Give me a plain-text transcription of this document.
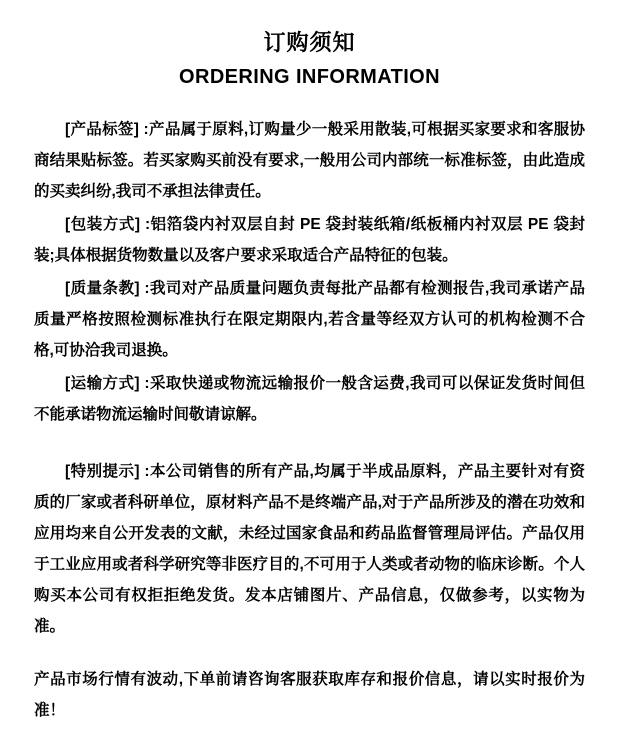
订购须知
ORDERING INFORMATION

[产品标签] :产品属于原料,订购量少一般采用散装,可根据买家要求和客服协商结果贴标签。若买家购买前没有要求,一般用公司内部统一标准标签，由此造成的买卖纠纷,我司不承担法律责任。

[包装方式] :铝箔袋内衬双层自封 PE 袋封装纸箱/纸板桶内衬双层 PE 袋封装;具体根据货物数量以及客户要求采取适合产品特征的包装。

[质量条教] :我司对产品质量问题负责每批产品都有检测报告,我司承诺产品质量严格按照检测标准执行在限定期限内,若含量等经双方认可的机构检测不合格,可协洽我司退换。

[运输方式] :采取快递或物流远输报价一般含运费,我司可以保证发货时间但不能承诺物流运输时间敬请谅解。

[特别提示] :本公司销售的所有产品,均属于半成品原料，产品主要针对有资质的厂家或者科研单位，原材料产品不是终端产品,对于产品所涉及的潜在功效和应用均来自公开发表的文献，未经过国家食品和药品监督管理局评估。产品仅用于工业应用或者科学研究等非医疗目的,不可用于人类或者动物的临床诊断。个人购买本公司有权拒拒绝发货。发本店铺图片、产品信息，仅做参考，以实物为准。

产品市场行情有波动,下单前请咨询客服获取库存和报价信息，请以实时报价为准！
